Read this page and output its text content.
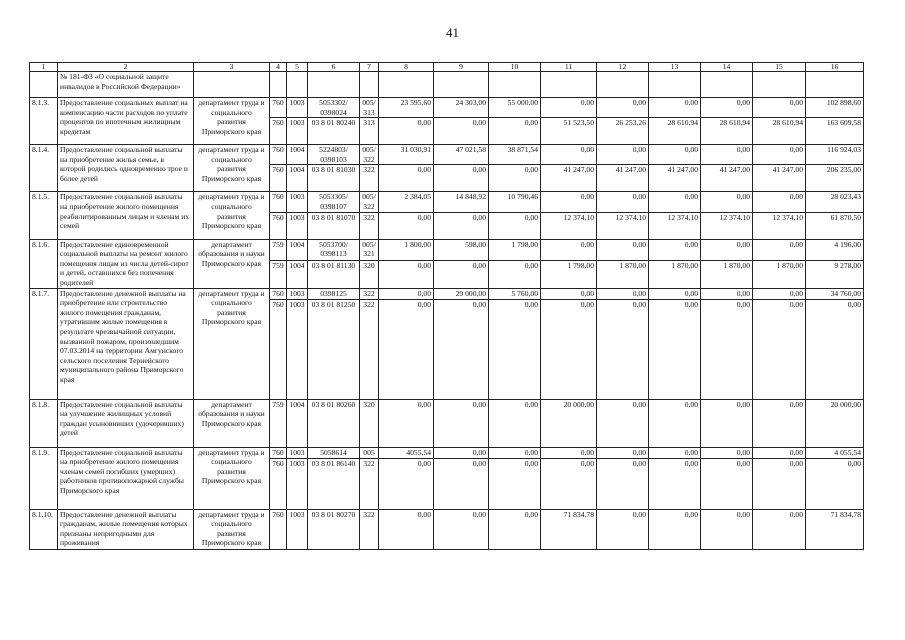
41
1	2	3	4	5	6	7	8	9	10	11	12	13	14	15	16
	№ 181-ФЗ «О социальной защите инвалидов в Российской Федерации»														
8.1.3.	Предоставление социальных выплат на компенсацию части расходов по уплате процентов по ипотечным жилищным кредитам	департамент труда и социального развития Приморского края	760	1003	5053302/ 0398024	005/ 313	23 595,60	24 303,00	55 000,00	0,00	0,00	0,00	0,00	0,00	102 898,60
			760	1003	03 8 01 80240	313	0,00	0,00	0,00	51 523,50	26 253,26	28 610,94	28 610,94	28 610,94	163 609,58
8.1.4.	Предоставление социальной выплаты на приобретение жилья семье, в которой родились одновременно трое и более детей	департамент труда и социального развития Приморского края	760	1004	5224803/ 0398103	005/ 322	31 030,91	47 021,58	38 871,54	0,00	0,00	0,00	0,00	0,00	116 924,03
			760	1004	03 8 01 81030	322	0,00	0,00	0,00	41 247,00	41 247,00	41 247,00	41 247,00	41 247,00	206 235,00
8.1.5.	Предоставление социальной выплаты на приобретение жилого помещения реабилитированным лицам и членам их семей	департамент труда и социального развития Приморского края	760	1003	5053305/ 0398107	005/ 322	2 384,05	14 848,92	10 790,46	0,00	0,00	0,00	0,00	0,00	28 023,43
			760	1003	03 8 01 81070	322	0,00	0,00	0,00	12 374,10	12 374,10	12 374,10	12 374,10	12 374,10	61 870,50
8.1.6.	Предоставление единовременной социальной выплаты на ремонт жилого помещения лицам из числа детей-сирот и детей, оставшихся без попечения родителей	департамент образования и науки Приморского края	759	1004	5053700/ 0398113	005/ 321	1 800,00	598,00	1 798,00	0,00	0,00	0,00	0,00	0,00	4 196,00
			759	1004	03 8 01 81130	320	0,00	0,00	0,00	1 798,00	1 870,00	1 870,00	1 870,00	1 870,00	9 278,00
8.1.7.	Предоставление денежной выплаты на приобретение или строительство жилого помещения гражданам, утратившим жилые помещения в результате чрезвычайной ситуации, вызванной пожаром, произошедшим 07.03.2014 на территории Амгунского сельского поселения Тернейского муниципального района Приморского края	департамент труда и социального развития Приморского края	760	1003	0398125	322	0,00	29 000,00	5 760,00	0,00	0,00	0,00	0,00	0,00	34 760,00
			760	1003	03 8 01 81250	322	0,00	0,00	0,00	0,00	0,00	0,00	0,00	0,00	0,00
8.1.8.	Предоставление социальной выплаты на улучшение жилищных условий граждан усыновивших (удочеривших) детей	департамент образования и науки Приморского края	759	1004	03 8 01 80260	320	0,00	0,00	0,00	20 000,00	0,00	0,00	0,00	0,00	20 000,00
8.1.9.	Предоставление социальной выплаты на приобретение жилого помещения членам семей погибших (умерших) работников противопожарной службы Приморского края	департамент труда и социального развития Приморского края	760	1003	5058614	005	4055,54	0,00	0,00	0,00	0,00	0,00	0,00	0,00	4 055,54
			760	1003	03 8 01 86140	322	0,00	0,00	0,00	0,00	0,00	0,00	0,00	0,00	0,00
8.1.10.	Предоставление денежной выплаты гражданам, жилые помещения которых признаны непригодными для проживания	департамент труда и социального развития Приморского края	760	1003	03 8 01 80270	322	0,00	0,00	0,00	71 834,78	0,00	0,00	0,00	0,00	71 834,78
